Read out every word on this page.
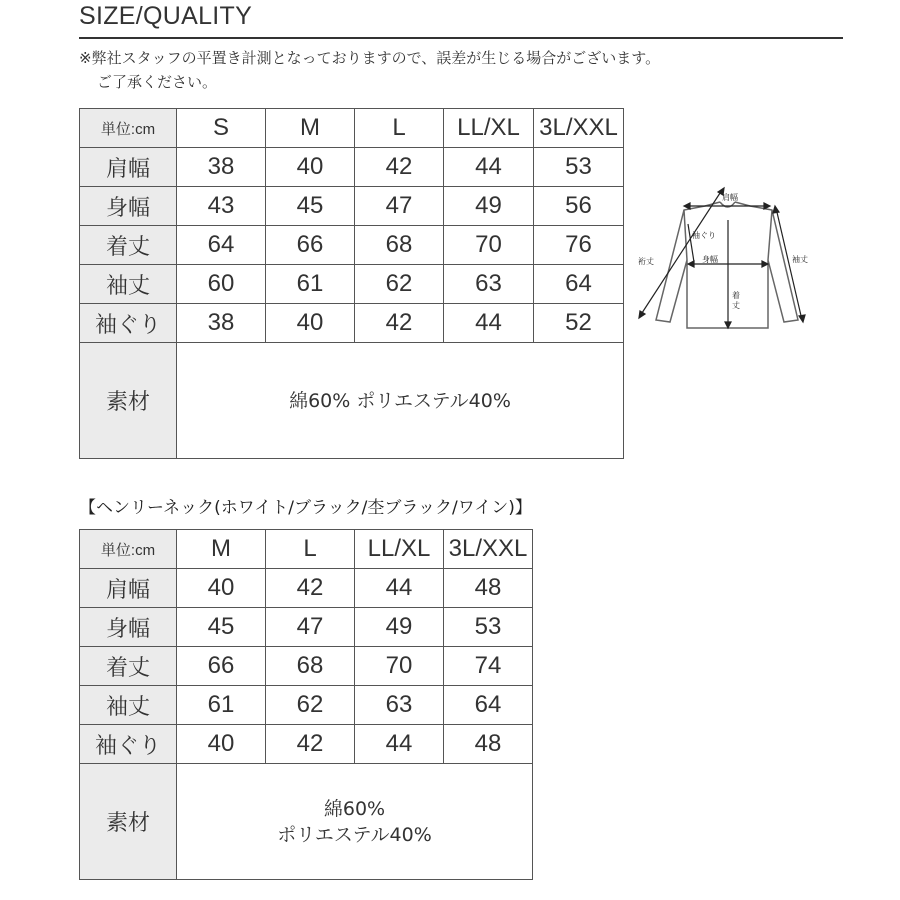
SIZE/QUALITY
※弊社スタッフの平置き計測となっておりますので、誤差が生じる場合がございます。
ご了承ください。
単位:cm	S	M	L	LL/XL	3L/XXL
肩幅	38	40	42	44	53
身幅	43	45	47	49	56
着丈	64	66	68	70	76
袖丈	60	61	62	63	64
袖ぐり	38	40	42	44	52
素材	綿60% ポリエステル40%				
肩幅
袖ぐり
裄丈	身幅	袖丈
着
丈
【ヘンリーネック(ホワイト/ブラック/杢ブラック/ワイン)】
単位:cm	M	L	LL/XL	3L/XXL
肩幅	40	42	44	48
身幅	45	47	49	53
着丈	66	68	70	74
袖丈	61	62	63	64
袖ぐり	40	42	44	48
素材	綿60%
ポリエステル40%			
